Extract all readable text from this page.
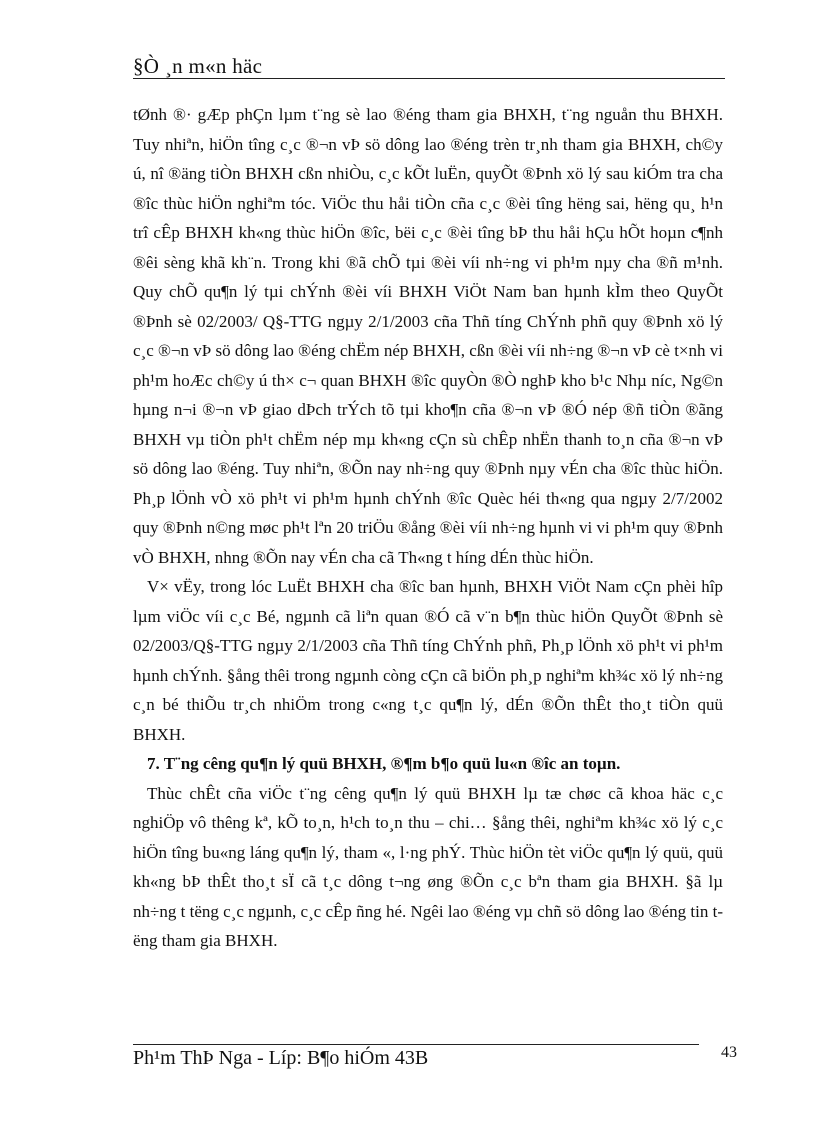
§Ò ¸n m«n häc

tØnh ®· gÆp phÇn lµm t¨ng sè lao ®éng tham gia BHXH, t¨ng nguån thu BHXH. Tuy nhiªn, hiÖn tîng c¸c ®¬n vÞ sö dông lao ®éng trèn tr¸nh tham gia BHXH, ch©y ú, nî ®äng tiÒn BHXH cßn nhiÒu, c¸c kÕt luËn, quyÕt ®Þnh xö lý sau kiÓm tra cha ®îc thùc hiÖn nghiªm tóc. ViÖc thu håi tiÒn cña c¸c ®èi tîng hëng sai, hëng qu¸ h¹n trî cÊp BHXH kh«ng thùc hiÖn ®îc, bëi c¸c ®èi tîng bÞ thu håi hÇu hÕt hoµn c¶nh ®êi sèng khã kh¨n. Trong khi ®ã chÕ tµi ®èi víi nh÷ng vi ph¹m nµy cha ®ñ m¹nh. Quy chÕ qu¶n lý tµi chÝnh ®èi víi BHXH ViÖt Nam ban hµnh kÌm theo QuyÕt ®Þnh sè 02/2003/ Q§-TTG ngµy 2/1/2003 cña Thñ tíng ChÝnh phñ quy ®Þnh xö lý c¸c ®¬n vÞ sö dông lao ®éng chËm nép BHXH, cßn ®èi víi nh÷ng ®¬n vÞ cè t×nh vi ph¹m hoÆc ch©y ú th× c¬ quan BHXH ®îc quyÒn ®Ò nghÞ kho b¹c Nhµ níc, Ng©n hµng n¬i ®¬n vÞ giao dÞch trÝch tõ tµi kho¶n cña ®¬n vÞ ®Ó nép ®ñ tiÒn ®ãng BHXH vµ tiÒn ph¹t chËm nép mµ kh«ng cÇn sù chÊp nhËn thanh to¸n cña ®¬n vÞ sö dông lao ®éng. Tuy nhiªn, ®Õn nay nh÷ng quy ®Þnh nµy vÉn cha ®îc thùc hiÖn. Ph¸p lÖnh vÒ xö ph¹t vi ph¹m hµnh chÝnh ®îc Quèc héi th«ng qua ngµy 2/7/2002 quy ®Þnh n©ng møc ph¹t lªn 20 triÖu ®ång ®èi víi nh÷ng hµnh vi vi ph¹m quy ®Þnh vÒ BHXH, nhng ®Õn nay vÉn cha cã Th«ng t híng dÉn thùc hiÖn.

V× vËy, trong lóc LuËt BHXH cha ®îc ban hµnh, BHXH ViÖt Nam cÇn phèi hîp lµm viÖc víi c¸c Bé, ngµnh cã liªn quan ®Ó cã v¨n b¶n thùc hiÖn QuyÕt ®Þnh sè 02/2003/Q§-TTG ngµy 2/1/2003 cña Thñ tíng ChÝnh phñ, Ph¸p lÖnh xö ph¹t vi ph¹m hµnh chÝnh. §ång thêi trong ngµnh còng cÇn cã biÖn ph¸p nghiªm kh¾c xö lý nh÷ng c¸n bé thiÕu tr¸ch nhiÖm trong c«ng t¸c qu¶n lý, dÉn ®Õn thÊt tho¸t tiÒn quü BHXH.

7. T¨ng cêng qu¶n lý quü BHXH, ®¶m b¶o quü lu«n ®îc an toµn.

Thùc chÊt cña viÖc t¨ng cêng qu¶n lý quü BHXH lµ tæ chøc cã khoa häc c¸c nghiÖp vô thêng kª, kÕ to¸n, h¹ch to¸n thu – chi… §ång thêi, nghiªm kh¾c xö lý c¸c hiÖn tîng bu«ng láng qu¶n lý, tham «, l·ng phÝ. Thùc hiÖn tèt viÖc qu¶n lý quü, quü kh«ng bÞ thÊt tho¸t sÏ cã t¸c dông t¬ng øng ®Õn c¸c bªn tham gia BHXH. §ã lµ nh÷ng t tëng c¸c ngµnh, c¸c cÊp ñng hé. Ngêi lao ®éng vµ chñ sö dông lao ®éng tin tëng tham gia BHXH.

Ph¹m ThÞ Nga - Líp: B¶o hiÓm 43B	43
